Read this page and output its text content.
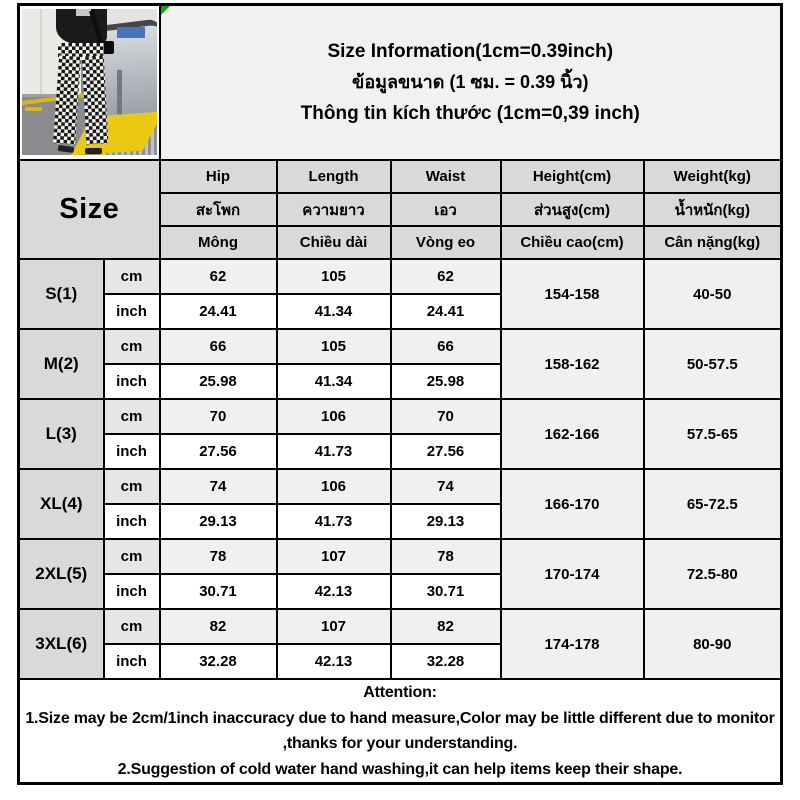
		Size Information(1cm=0.39inch)
ข้อมูลขนาด (1 ซม. = 0.39 นิ้ว)
Thông tin kích thước (1cm=0,39 inch)				

Size		Hip	Length	Waist	Height(cm)	Weight(kg)
		สะโพก	ความยาว	เอว	ส่วนสูง(cm)	น้ำหนัก(kg)
		Mông	Chiều dài	Vòng eo	Chiều cao(cm)	Cân nặng(kg)
S(1)	cm	62	105	62	154-158	40-50
	inch	24.41	41.34	24.41		
M(2)	cm	66	105	66	158-162	50-57.5
	inch	25.98	41.34	25.98		
L(3)	cm	70	106	70	162-166	57.5-65
	inch	27.56	41.73	27.56		
XL(4)	cm	74	106	74	166-170	65-72.5
	inch	29.13	41.73	29.13		
2XL(5)	cm	78	107	78	170-174	72.5-80
	inch	30.71	42.13	30.71		
3XL(6)	cm	82	107	82	174-178	80-90
	inch	32.28	42.13	32.28		

Attention:
1.Size may be 2cm/1inch inaccuracy due to hand measure,Color may be little different due to monitor ,thanks for your understanding.
2.Suggestion of cold water hand washing,it can help items keep their shape.						
